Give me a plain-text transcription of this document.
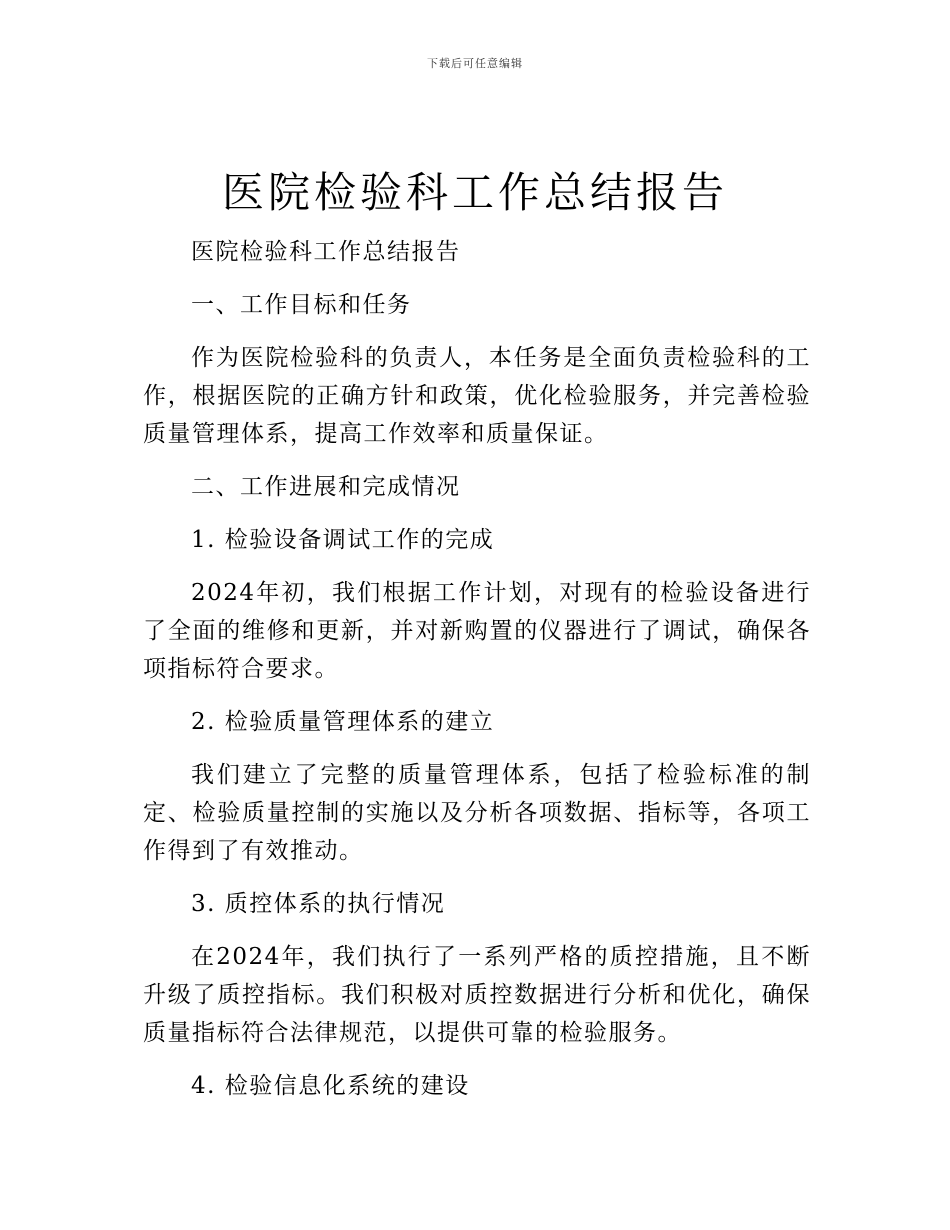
下载后可任意编辑
医院检验科工作总结报告

医院检验科工作总结报告

一、工作目标和任务

作为医院检验科的负责人，本任务是全面负责检验科的工作，根据医院的正确方针和政策，优化检验服务，并完善检验质量管理体系，提高工作效率和质量保证。

二、工作进展和完成情况

1. 检验设备调试工作的完成

2024年初，我们根据工作计划，对现有的检验设备进行了全面的维修和更新，并对新购置的仪器进行了调试，确保各项指标符合要求。

2. 检验质量管理体系的建立

我们建立了完整的质量管理体系，包括了检验标准的制定、检验质量控制的实施以及分析各项数据、指标等，各项工作得到了有效推动。

3. 质控体系的执行情况

在2024年，我们执行了一系列严格的质控措施，且不断升级了质控指标。我们积极对质控数据进行分析和优化，确保质量指标符合法律规范，以提供可靠的检验服务。

4. 检验信息化系统的建设
